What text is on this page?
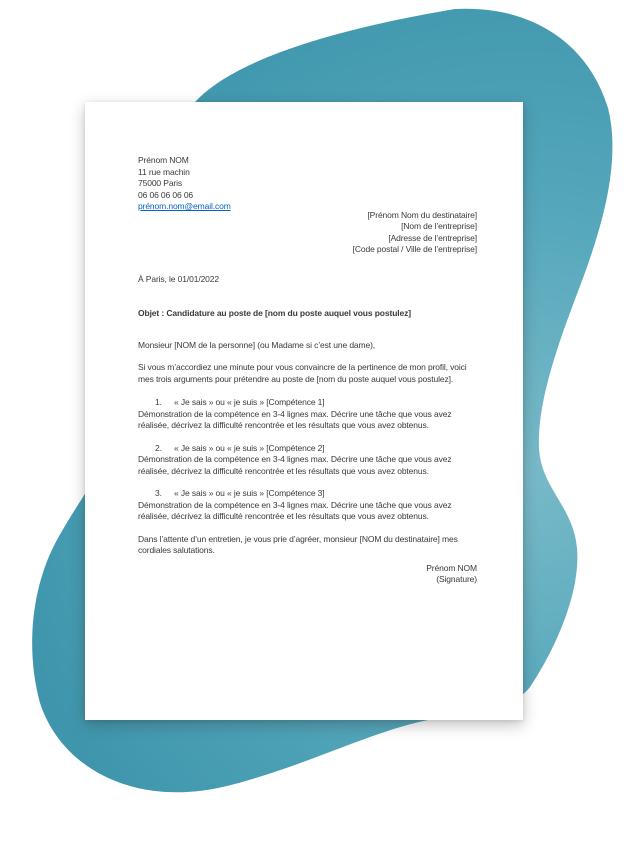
Prénom NOM
11 rue machin
75000 Paris
06 06 06 06 06
prénom.nom@email.com
[Prénom Nom du destinataire]
[Nom de l’entreprise]
[Adresse de l’entreprise]
[Code postal / Ville de l’entreprise]
À Paris, le 01/01/2022
Objet : Candidature au poste de [nom du poste auquel vous postulez]
Monsieur [NOM de la personne] (ou Madame si c’est une dame),
Si vous m’accordiez une minute pour vous convaincre de la pertinence de mon profil, voici mes trois arguments pour prétendre au poste de [nom du poste auquel vous postulez].
1. « Je sais » ou « je suis » [Compétence 1]
Démonstration de la compétence en 3-4 lignes max. Décrire une tâche que vous avez réalisée, décrivez la difficulté rencontrée et les résultats que vous avez obtenus.
2. « Je sais » ou « je suis » [Compétence 2]
Démonstration de la compétence en 3-4 lignes max. Décrire une tâche que vous avez réalisée, décrivez la difficulté rencontrée et les résultats que vous avez obtenus.
3. « Je sais » ou « je suis » [Compétence 3]
Démonstration de la compétence en 3-4 lignes max. Décrire une tâche que vous avez réalisée, décrivez la difficulté rencontrée et les résultats que vous avez obtenus.
Dans l’attente d’un entretien, je vous prie d’agréer, monsieur [NOM du destinataire] mes cordiales salutations.
Prénom NOM
(Signature)
